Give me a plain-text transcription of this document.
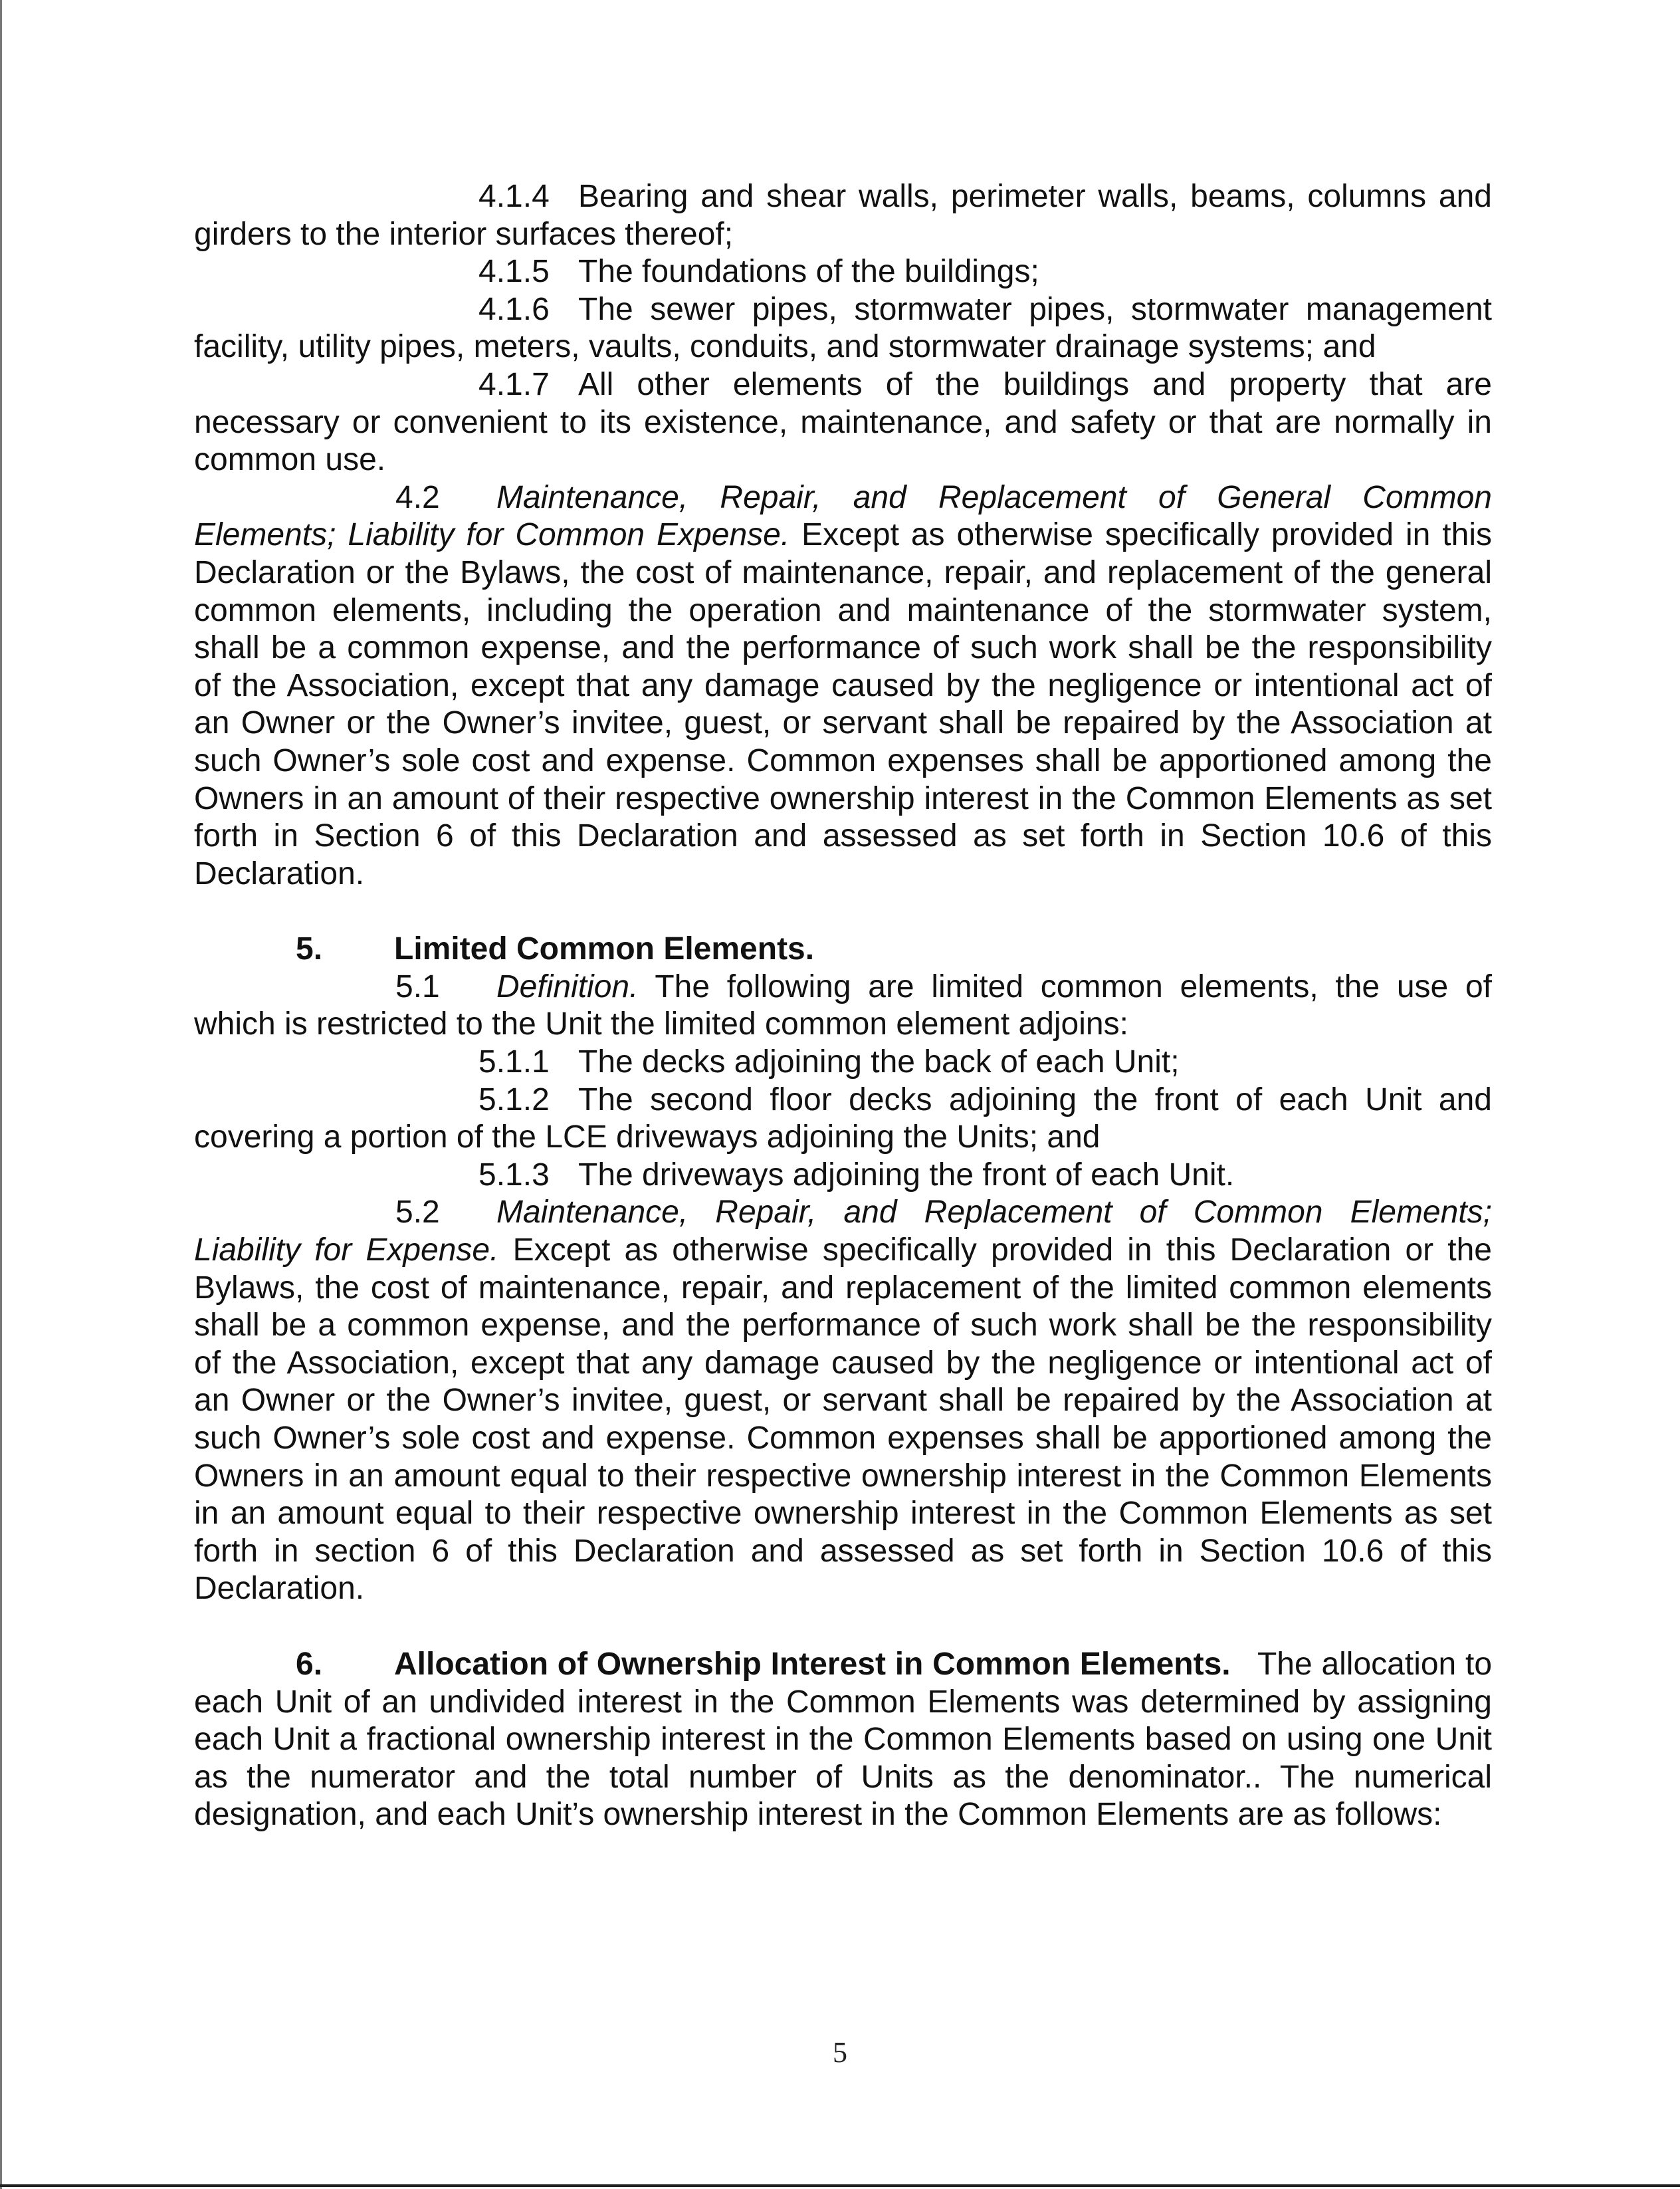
4.1.4 Bearing and shear walls, perimeter walls, beams, columns and girders to the interior surfaces thereof;

4.1.5 The foundations of the buildings;

4.1.6 The sewer pipes, stormwater pipes, stormwater management facility, utility pipes, meters, vaults, conduits, and stormwater drainage systems; and

4.1.7 All other elements of the buildings and property that are necessary or convenient to its existence, maintenance, and safety or that are normally in common use.

4.2 Maintenance, Repair, and Replacement of General Common Elements; Liability for Common Expense. Except as otherwise specifically provided in this Declaration or the Bylaws, the cost of maintenance, repair, and replacement of the general common elements, including the operation and maintenance of the stormwater system, shall be a common expense, and the performance of such work shall be the responsibility of the Association, except that any damage caused by the negligence or intentional act of an Owner or the Owner’s invitee, guest, or servant shall be repaired by the Association at such Owner’s sole cost and expense. Common expenses shall be apportioned among the Owners in an amount of their respective ownership interest in the Common Elements as set forth in Section 6 of this Declaration and assessed as set forth in Section 10.6 of this Declaration.

5. Limited Common Elements.

5.1 Definition. The following are limited common elements, the use of which is restricted to the Unit the limited common element adjoins:

5.1.1 The decks adjoining the back of each Unit;

5.1.2 The second floor decks adjoining the front of each Unit and covering a portion of the LCE driveways adjoining the Units; and

5.1.3 The driveways adjoining the front of each Unit.

5.2 Maintenance, Repair, and Replacement of Common Elements; Liability for Expense. Except as otherwise specifically provided in this Declaration or the Bylaws, the cost of maintenance, repair, and replacement of the limited common elements shall be a common expense, and the performance of such work shall be the responsibility of the Association, except that any damage caused by the negligence or intentional act of an Owner or the Owner’s invitee, guest, or servant shall be repaired by the Association at such Owner’s sole cost and expense. Common expenses shall be apportioned among the Owners in an amount equal to their respective ownership interest in the Common Elements in an amount equal to their respective ownership interest in the Common Elements as set forth in section 6 of this Declaration and assessed as set forth in Section 10.6 of this Declaration.

6. Allocation of Ownership Interest in Common Elements. The allocation to each Unit of an undivided interest in the Common Elements was determined by assigning each Unit a fractional ownership interest in the Common Elements based on using one Unit as the numerator and the total number of Units as the denominator.. The numerical designation, and each Unit’s ownership interest in the Common Elements are as follows:

5
